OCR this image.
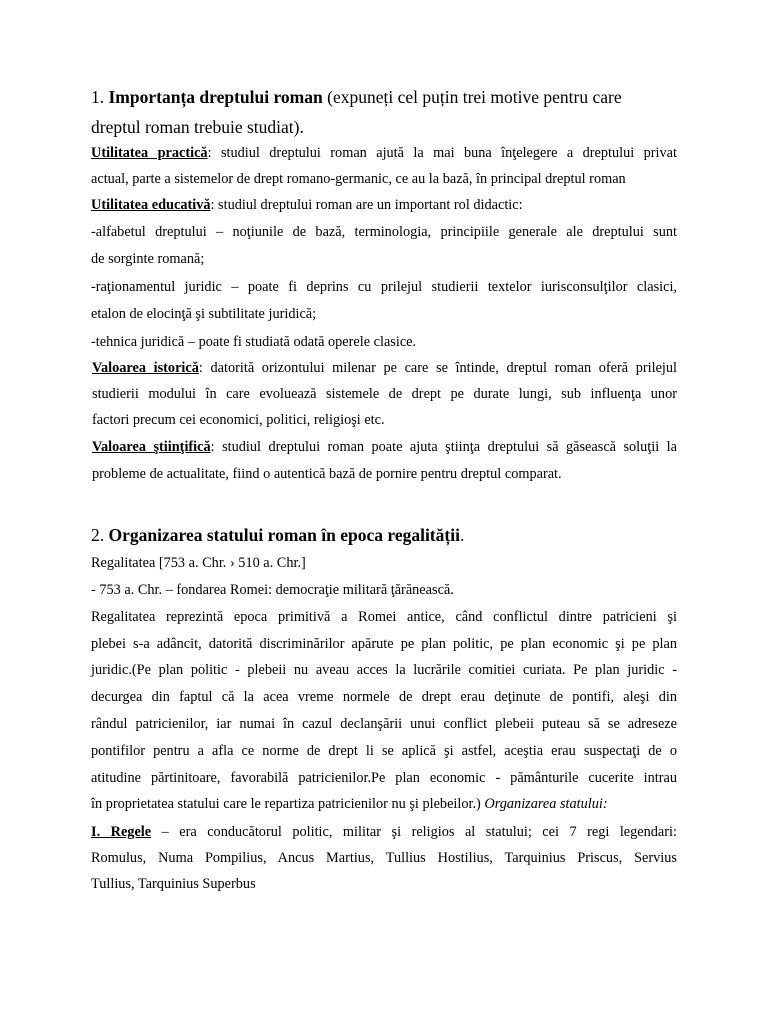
1. Importanța dreptului roman (expuneți cel puțin trei motive pentru care
dreptul roman trebuie studiat).
Utilitatea practică: studiul dreptului roman ajută la mai buna înţelegere a dreptului privat
actual, parte a sistemelor de drept romano-germanic, ce au la bază, în principal dreptul roman
Utilitatea educativă: studiul dreptului roman are un important rol didactic:
-alfabetul dreptului – noţiunile de bază, terminologia, principiile generale ale dreptului sunt
de sorginte romană;
-raţionamentul juridic – poate fi deprins cu prilejul studierii textelor iurisconsulţilor clasici,
etalon de elocinţă şi subtilitate juridică;
-tehnica juridică – poate fi studiată odată operele clasice.
Valoarea istorică: datorită orizontului milenar pe care se întinde, dreptul roman oferă prilejul
studierii modului în care evoluează sistemele de drept pe durate lungi, sub influenţa unor
factori precum cei economici, politici, religioşi etc.
Valoarea ştiinţifică: studiul dreptului roman poate ajuta ştiinţa dreptului să găsească soluţii la
probleme de actualitate, fiind o autentică bază de pornire pentru dreptul comparat.
2. Organizarea statului roman în epoca regalității.
Regalitatea [753 a. Chr. › 510 a. Chr.]
- 753 a. Chr. – fondarea Romei: democraţie militară ţărănească.
Regalitatea reprezintă epoca primitivă a Romei antice, când conflictul dintre patricieni şi
plebei s-a adâncit, datorită discriminărilor apărute pe plan politic, pe plan economic şi pe plan
juridic.(Pe plan politic - plebeii nu aveau acces la lucrările comitiei curiata. Pe plan juridic -
decurgea din faptul că la acea vreme normele de drept erau deţinute de pontifi, aleşi din
rândul patricienilor, iar numai în cazul declanşării unui conflict plebeii puteau să se adreseze
pontifilor pentru a afla ce norme de drept li se aplică şi astfel, aceştia erau suspectaţi de o
atitudine părtinitoare, favorabilă patricienilor.Pe plan economic - pământurile cucerite intrau
în proprietatea statului care le repartiza patricienilor nu şi plebeilor.) Organizarea statului:
I. Regele – era conducătorul politic, militar şi religios al statului; cei 7 regi legendari:
Romulus, Numa Pompilius, Ancus Martius, Tullius Hostilius, Tarquinius Priscus, Servius
Tullius, Tarquinius Superbus
